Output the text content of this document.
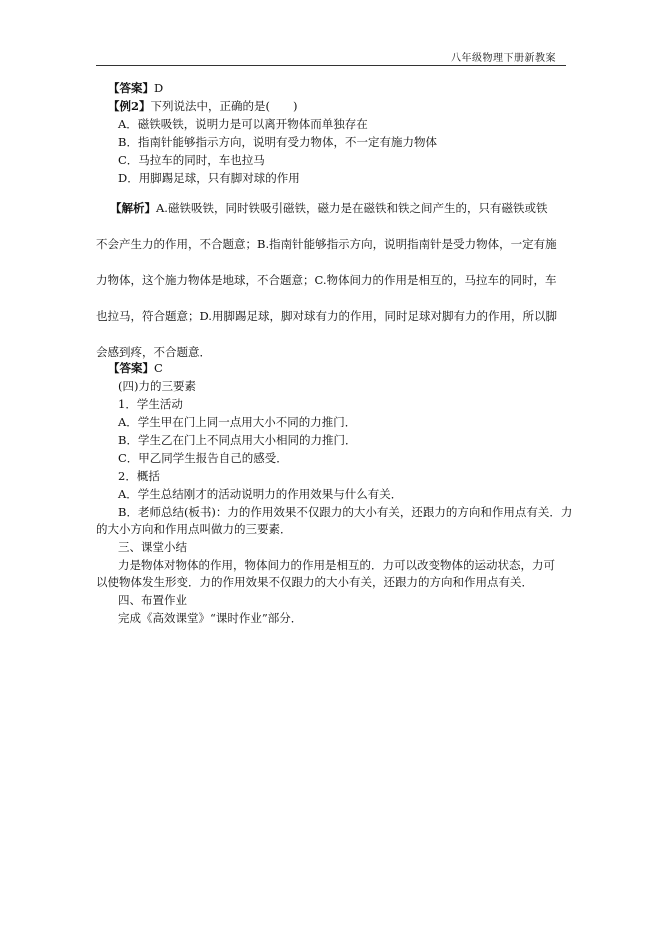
八年级物理下册新教案
【答案】D
【例2】下列说法中，正确的是(　　)
A．磁铁吸铁，说明力是可以离开物体而单独存在
B．指南针能够指示方向，说明有受力物体，不一定有施力物体
C．马拉车的同时，车也拉马
D．用脚踢足球，只有脚对球的作用
【解析】A.磁铁吸铁，同时铁吸引磁铁，磁力是在磁铁和铁之间产生的，只有磁铁或铁
不会产生力的作用，不合题意；B.指南针能够指示方向，说明指南针是受力物体，一定有施
力物体，这个施力物体是地球，不合题意；C.物体间力的作用是相互的，马拉车的同时，车
也拉马，符合题意；D.用脚踢足球，脚对球有力的作用，同时足球对脚有力的作用，所以脚
会感到疼，不合题意．
【答案】C
(四)力的三要素
1．学生活动
A．学生甲在门上同一点用大小不同的力推门．
B．学生乙在门上不同点用大小相同的力推门．
C．甲乙同学生报告自己的感受．
2．概括
A．学生总结刚才的活动说明力的作用效果与什么有关．
B．老师总结(板书)：力的作用效果不仅跟力的大小有关，还跟力的方向和作用点有关．力
的大小方向和作用点叫做力的三要素．
三、课堂小结
力是物体对物体的作用，物体间力的作用是相互的．力可以改变物体的运动状态，力可
以使物体发生形变．力的作用效果不仅跟力的大小有关，还跟力的方向和作用点有关．
四、布置作业
完成《高效课堂》“课时作业”部分．
